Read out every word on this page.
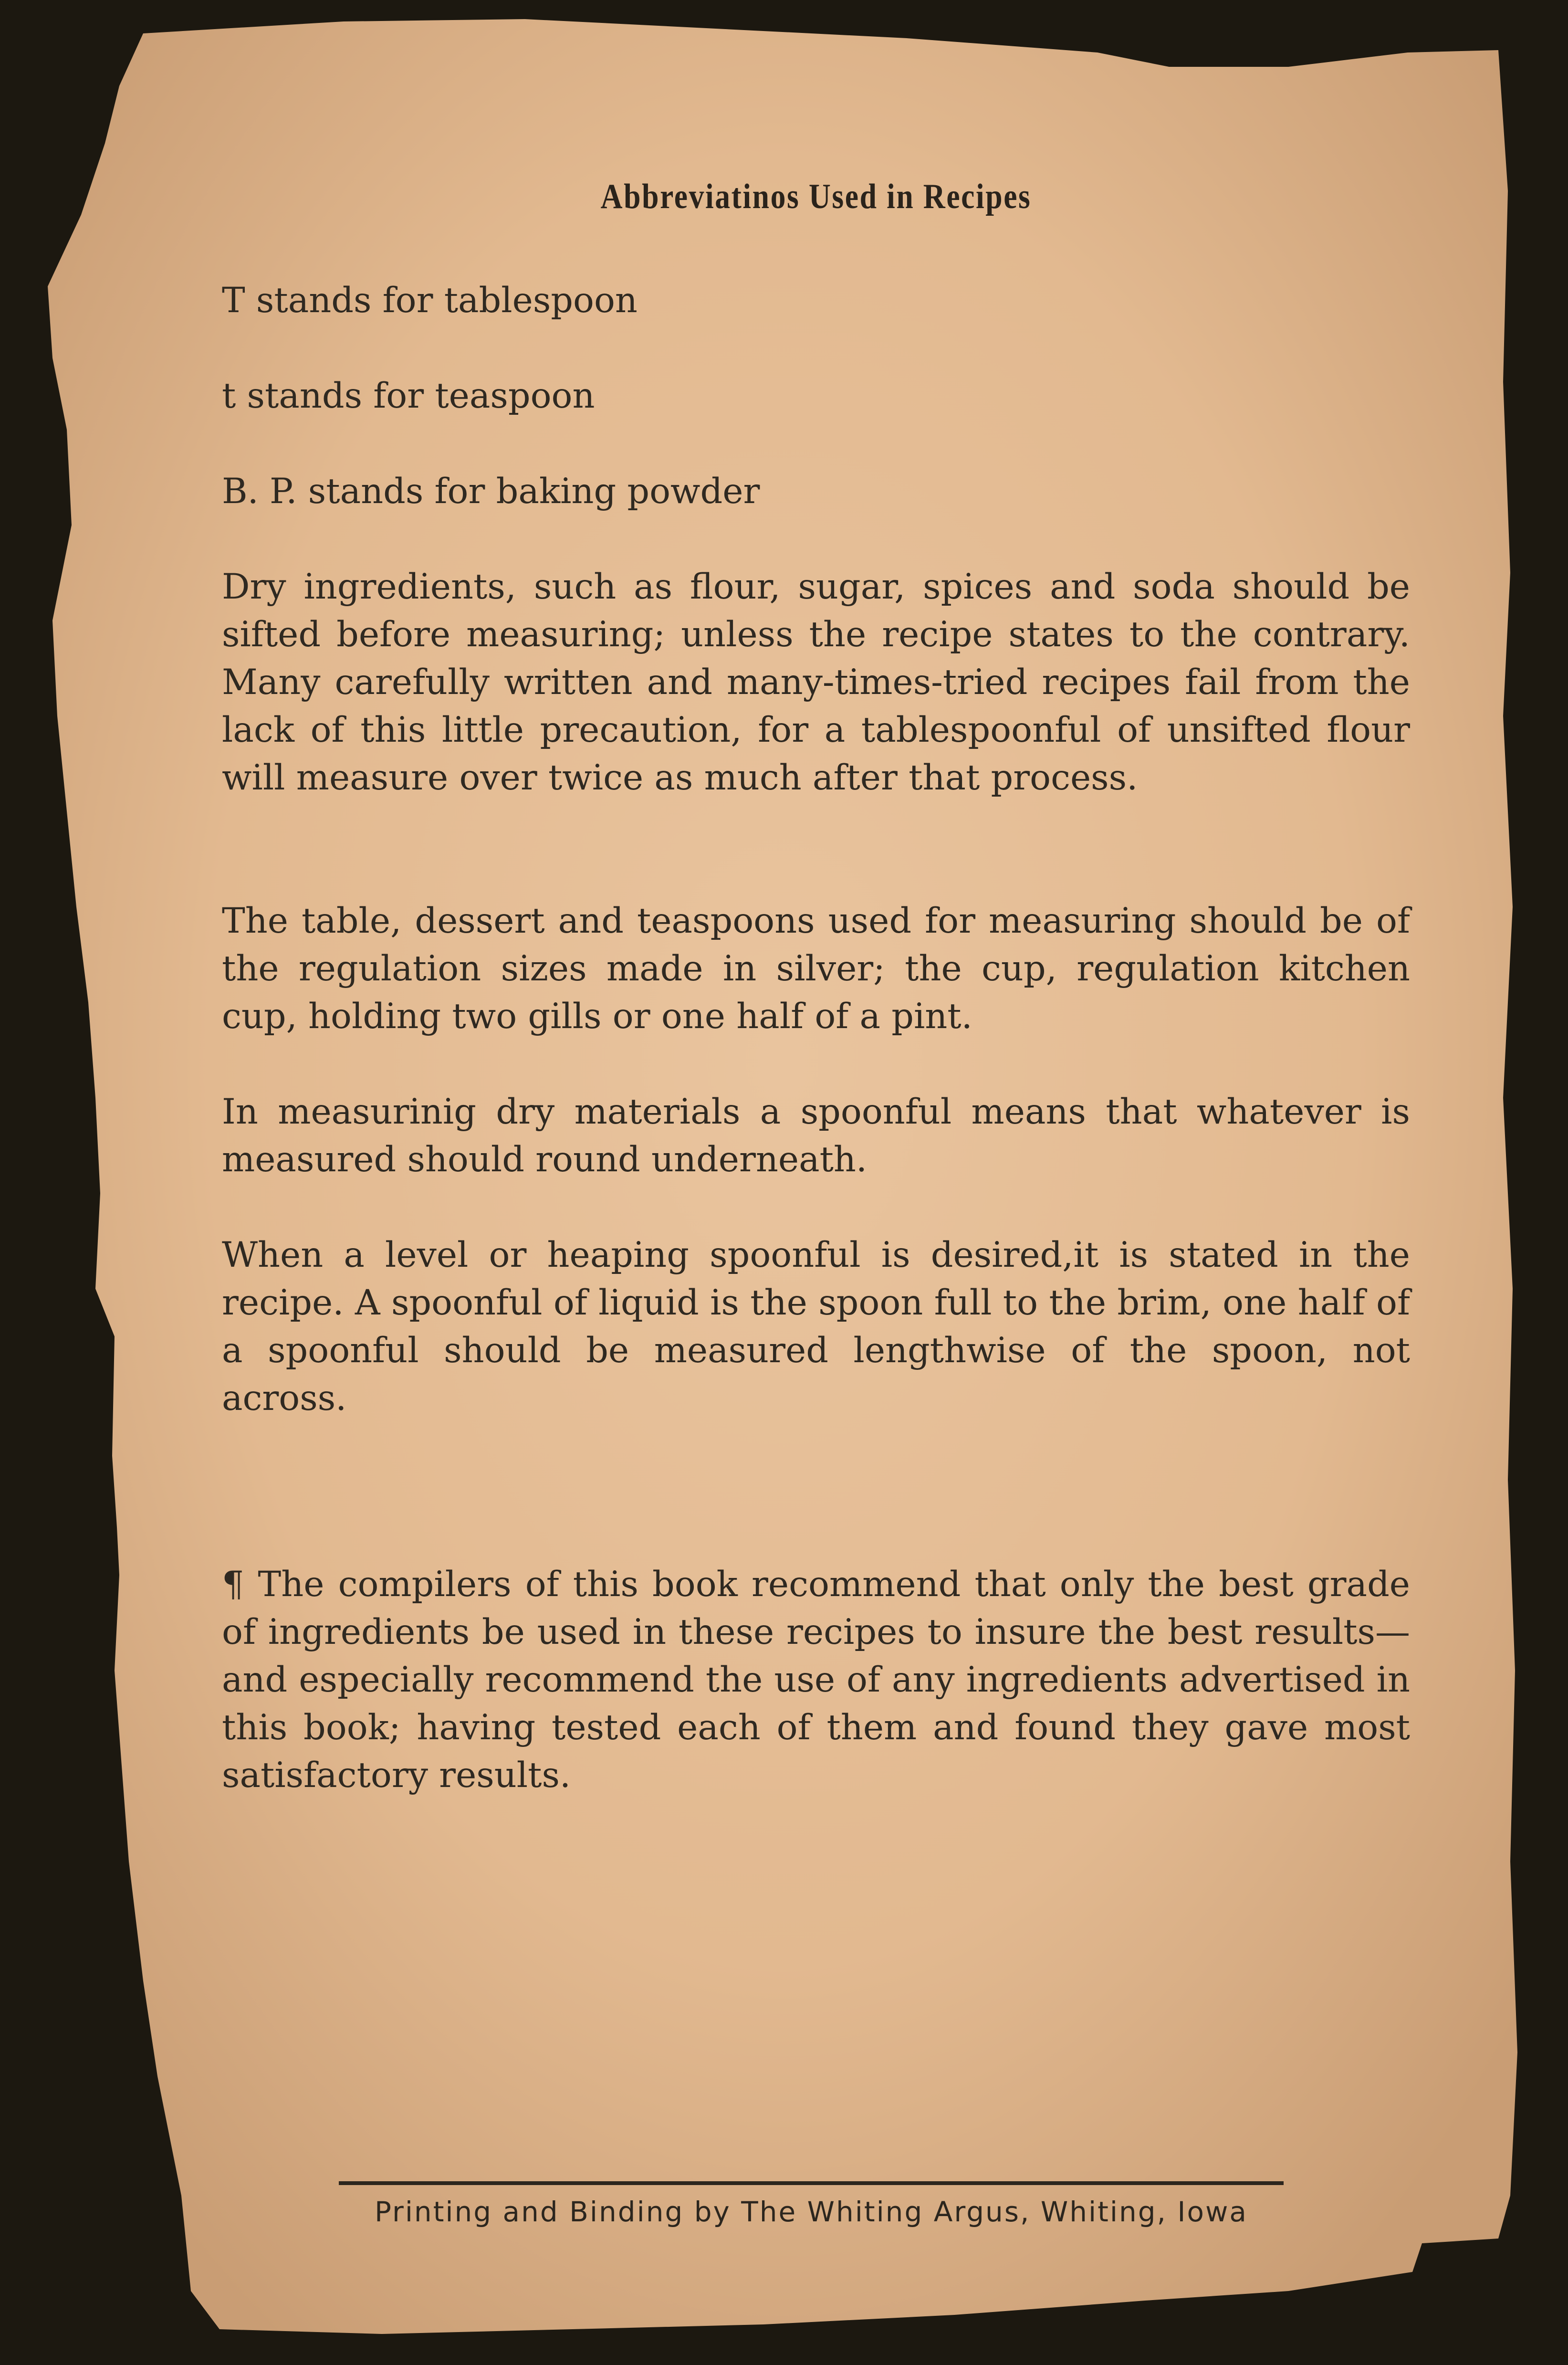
Abbreviatinos Used in Recipes

T stands for tablespoon

t stands for teaspoon

B. P. stands for baking powder

Dry ingredients, such as flour, sugar, spices and soda should be sifted before measuring; unless the recipe states to the contrary. Many carefully written and many-times-tried recipes fail from the lack of this little precaution, for a tablespoonful of unsifted flour will measure over twice as much after that process.

The table, dessert and teaspoons used for measuring should be of the regulation sizes made in silver; the cup, regulation kitchen cup, holding two gills or one half of a pint.

In measurinig dry materials a spoonful means that whatever is measured should round underneath.

When a level or heaping spoonful is desired,it is stated in the recipe. A spoonful of liquid is the spoon full to the brim, one half of a spoonful should be measured lengthwise of the spoon, not across.

¶ The compilers of this book recommend that only the best grade of ingredients be used in these recipes to insure the best results—and especially recommend the use of any ingredients advertised in this book; having tested each of them and found they gave most satisfactory results.

Printing and Binding by The Whiting Argus, Whiting, Iowa
